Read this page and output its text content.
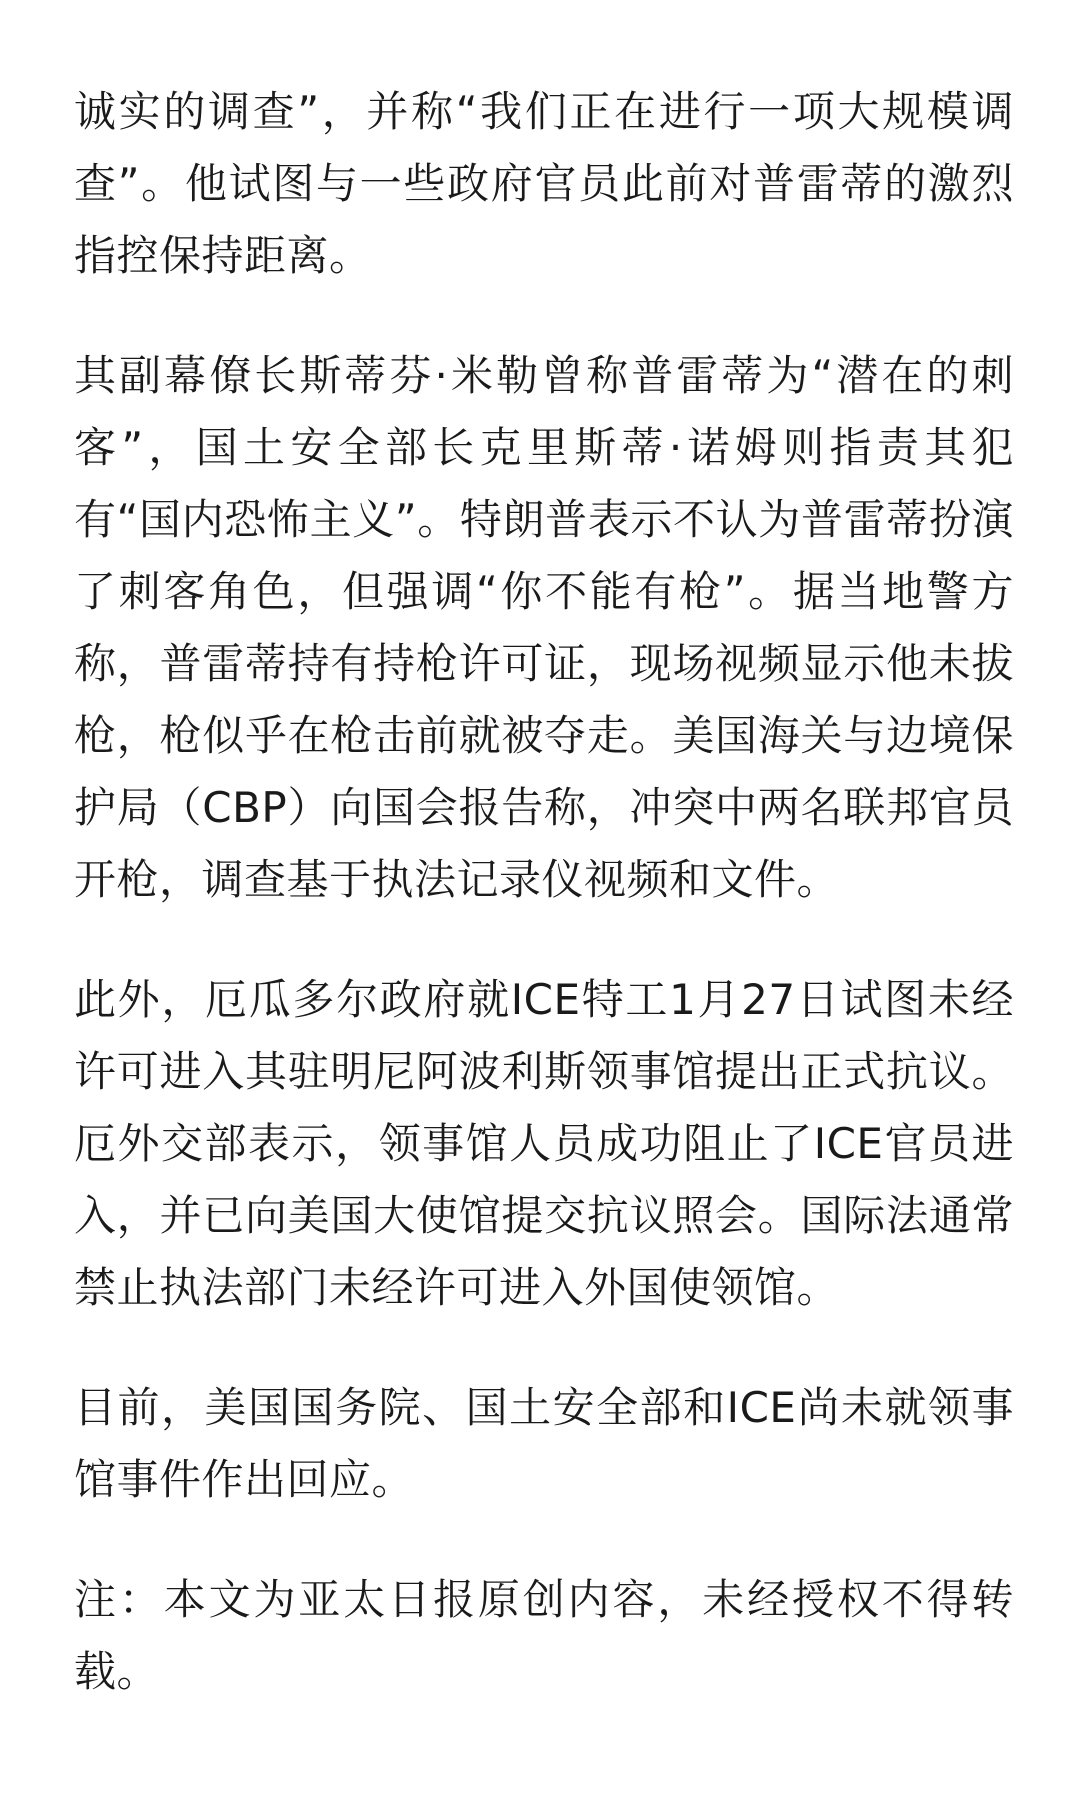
诚实的调查”，并称“我们正在进行一项大规模调查”。他试图与一些政府官员此前对普雷蒂的激烈指控保持距离。

其副幕僚长斯蒂芬·米勒曾称普雷蒂为“潜在的刺客”，国土安全部长克里斯蒂·诺姆则指责其犯有“国内恐怖主义”。特朗普表示不认为普雷蒂扮演了刺客角色，但强调“你不能有枪”。据当地警方称，普雷蒂持有持枪许可证，现场视频显示他未拔枪，枪似乎在枪击前就被夺走。美国海关与边境保护局（CBP）向国会报告称，冲突中两名联邦官员开枪，调查基于执法记录仪视频和文件。

此外，厄瓜多尔政府就ICE特工1月27日试图未经许可进入其驻明尼阿波利斯领事馆提出正式抗议。厄外交部表示，领事馆人员成功阻止了ICE官员进入，并已向美国大使馆提交抗议照会。国际法通常禁止执法部门未经许可进入外国使领馆。

目前，美国国务院、国土安全部和ICE尚未就领事馆事件作出回应。

注：本文为亚太日报原创内容，未经授权不得转载。
